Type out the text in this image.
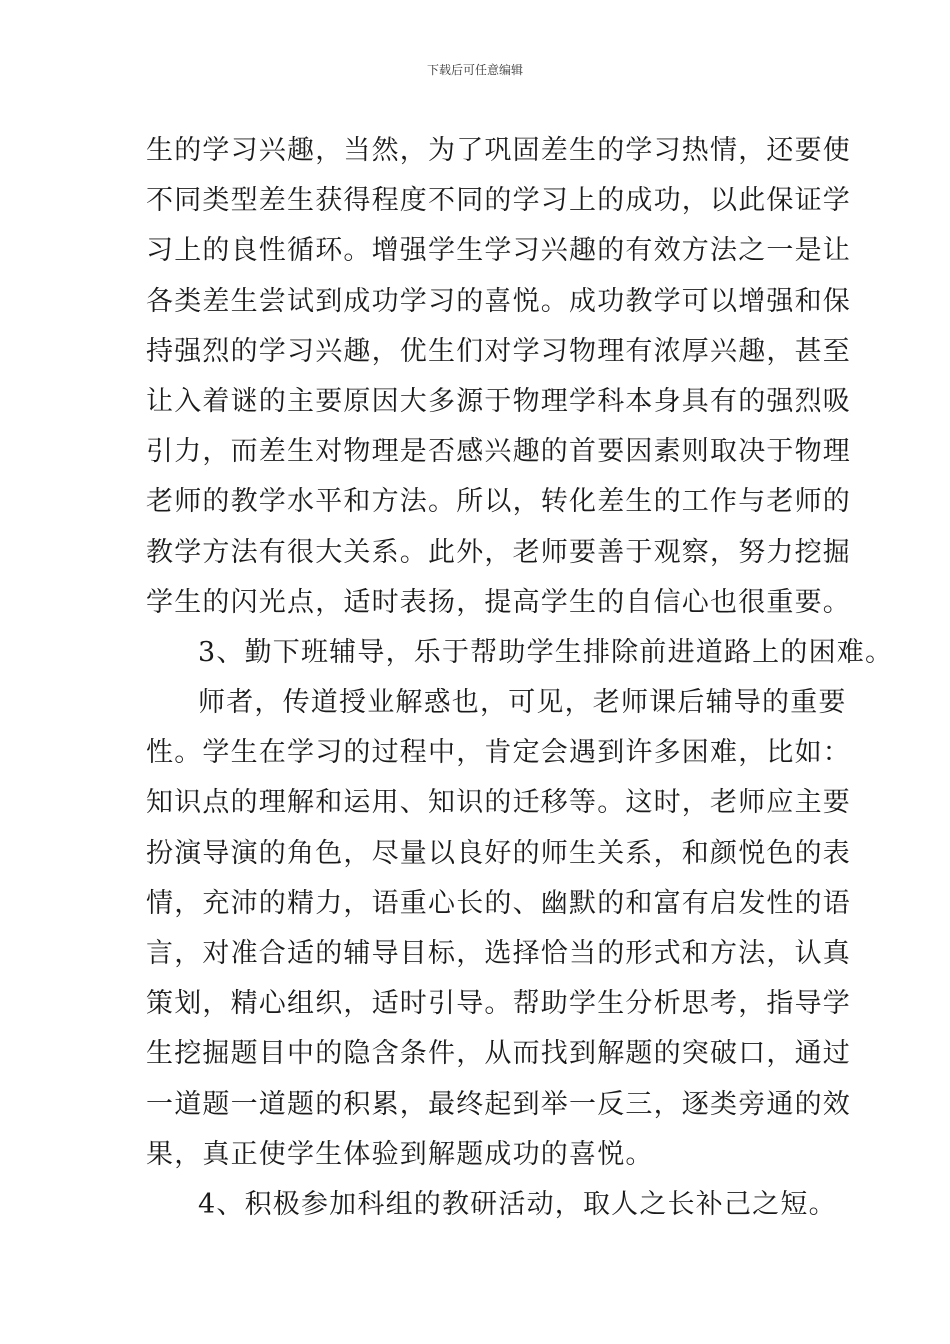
下载后可任意编辑
生的学习兴趣，当然，为了巩固差生的学习热情，还要使
不同类型差生获得程度不同的学习上的成功，以此保证学
习上的良性循环。增强学生学习兴趣的有效方法之一是让
各类差生尝试到成功学习的喜悦。成功教学可以增强和保
持强烈的学习兴趣，优生们对学习物理有浓厚兴趣，甚至
让入着谜的主要原因大多源于物理学科本身具有的强烈吸
引力，而差生对物理是否感兴趣的首要因素则取决于物理
老师的教学水平和方法。所以，转化差生的工作与老师的
教学方法有很大关系。此外，老师要善于观察，努力挖掘
学生的闪光点，适时表扬，提高学生的自信心也很重要。
3、勤下班辅导，乐于帮助学生排除前进道路上的困难。
师者，传道授业解惑也，可见，老师课后辅导的重要
性。学生在学习的过程中，肯定会遇到许多困难，比如：
知识点的理解和运用、知识的迁移等。这时，老师应主要
扮演导演的角色，尽量以良好的师生关系，和颜悦色的表
情，充沛的精力，语重心长的、幽默的和富有启发性的语
言，对准合适的辅导目标，选择恰当的形式和方法，认真
策划，精心组织，适时引导。帮助学生分析思考，指导学
生挖掘题目中的隐含条件，从而找到解题的突破口，通过
一道题一道题的积累，最终起到举一反三，逐类旁通的效
果，真正使学生体验到解题成功的喜悦。
4、积极参加科组的教研活动，取人之长补己之短。
